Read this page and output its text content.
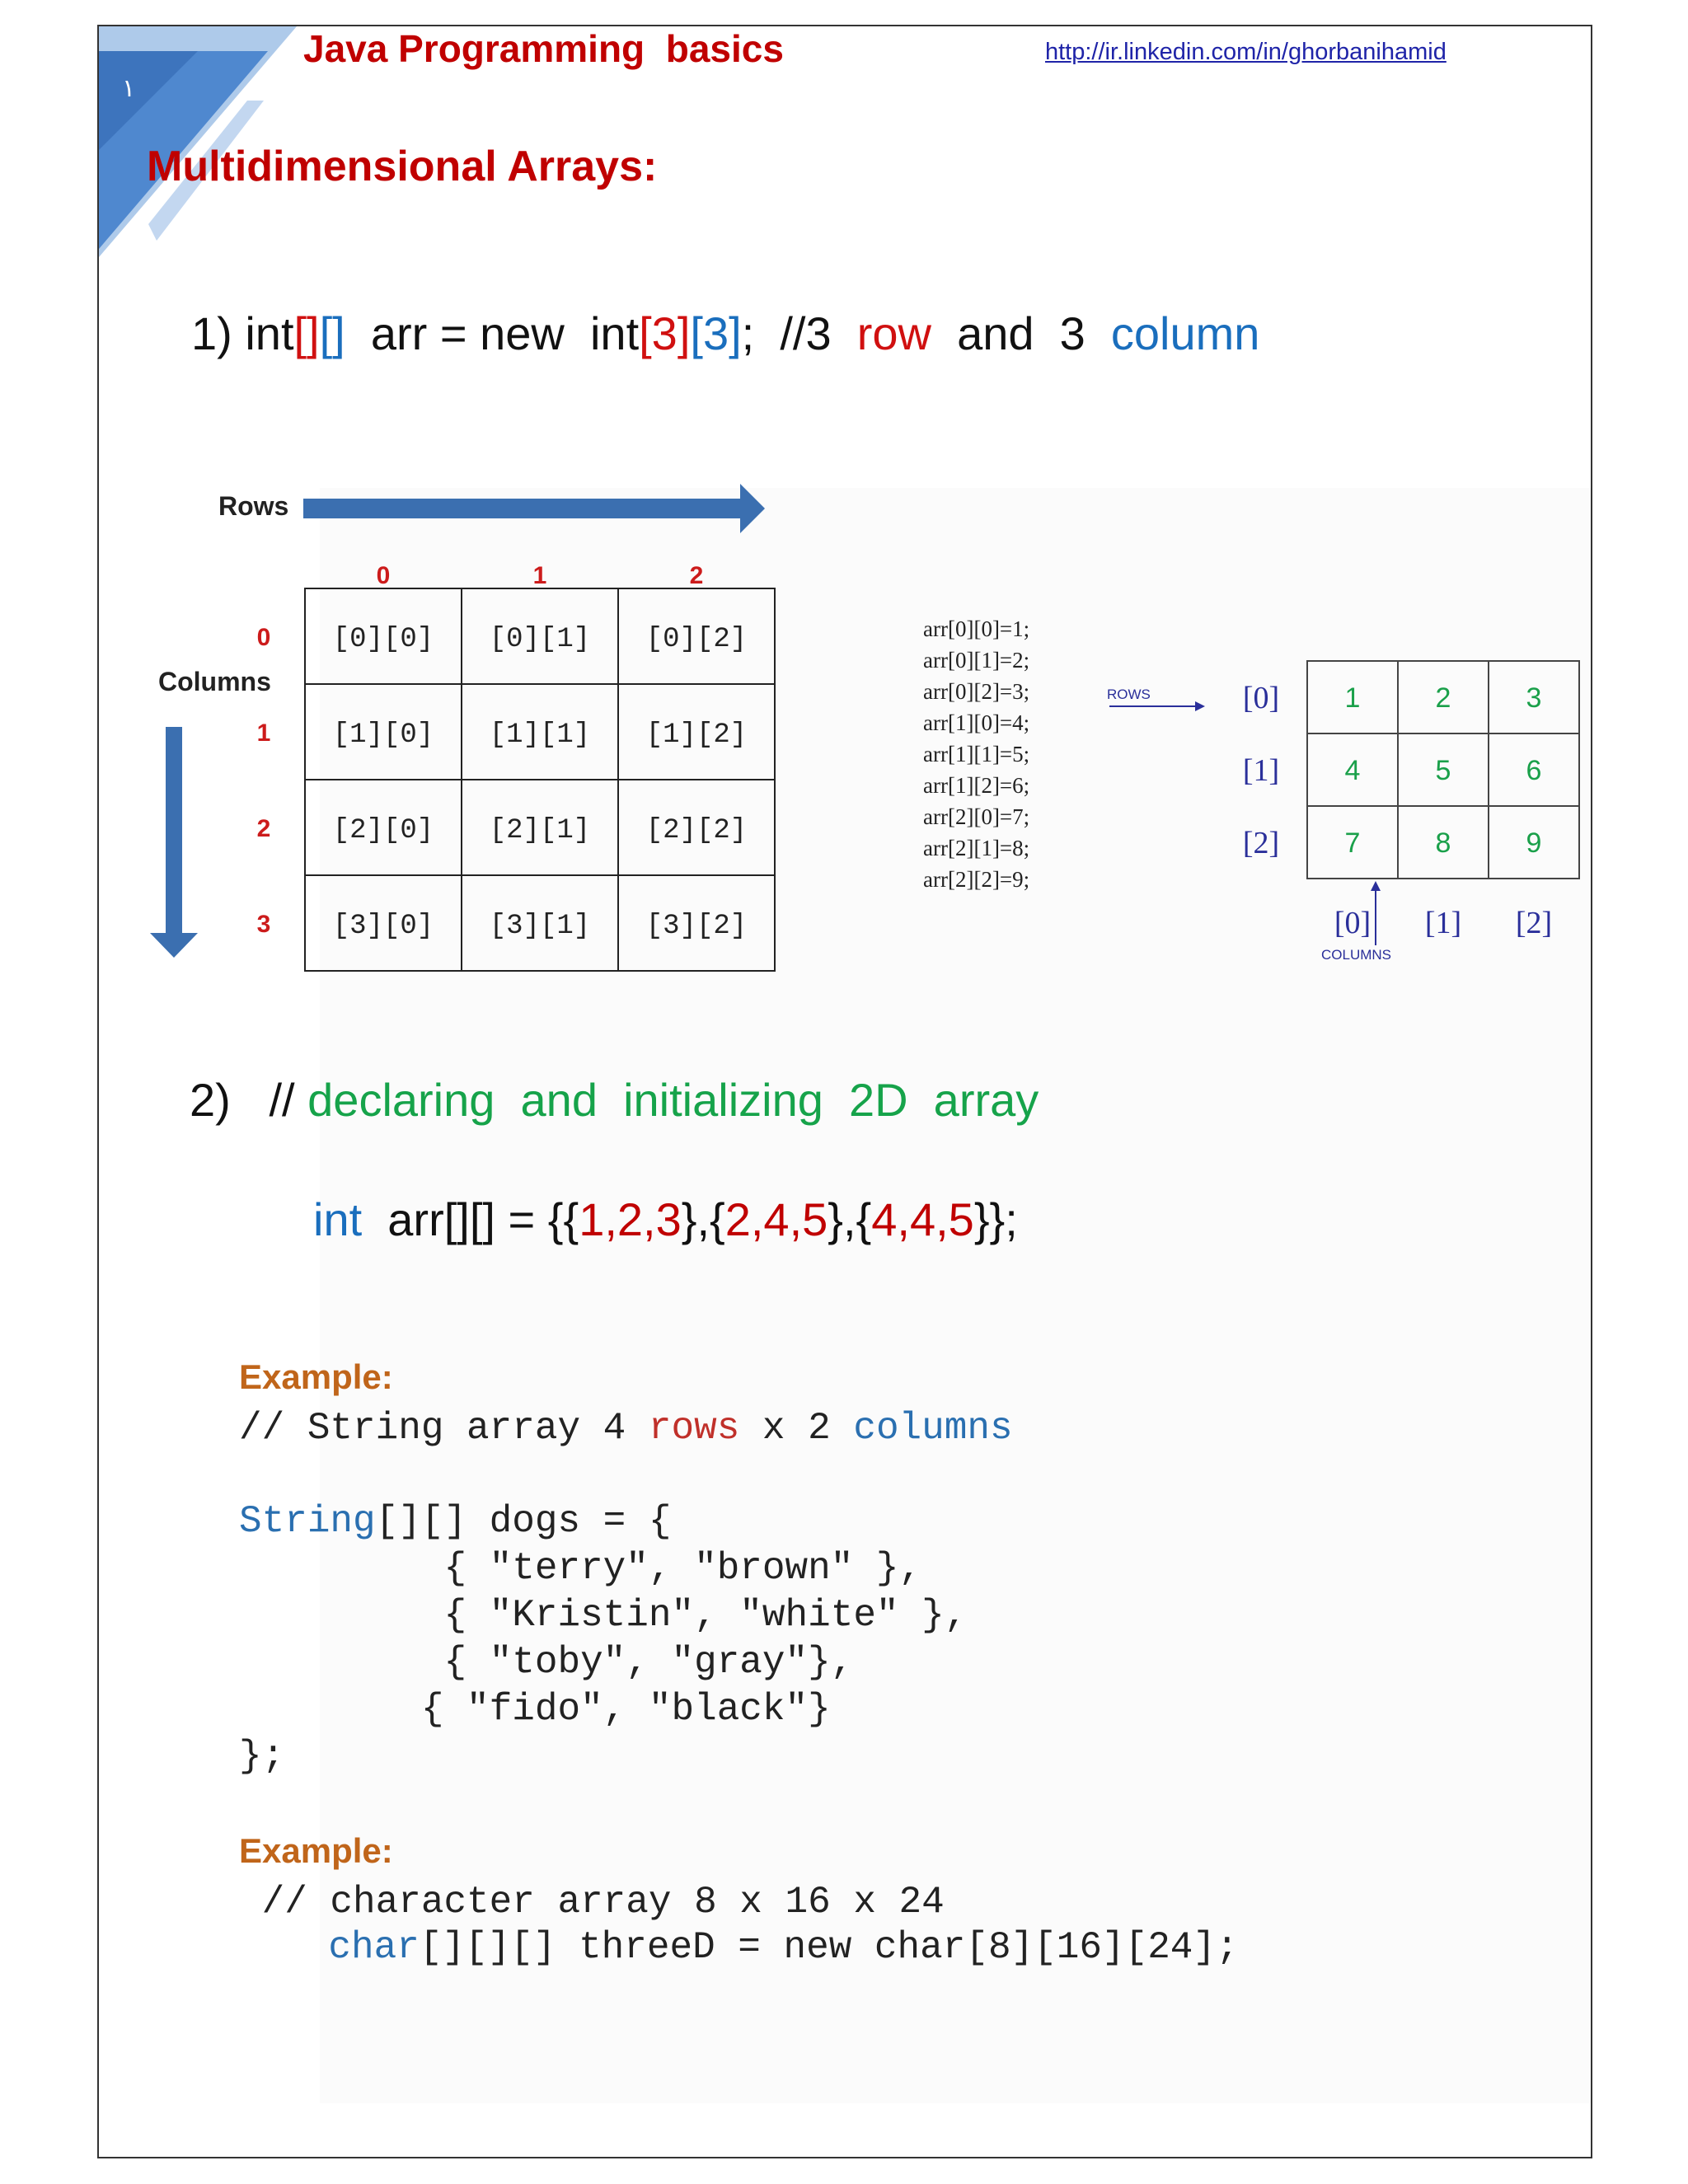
١
Java Programming  basics	http://ir.linkedin.com/in/ghorbanihamid
Multidimensional Arrays:
1) int[][]  arr = new  int[3][3];  //3  row  and  3  column
Rows
Columns
0	1	2
0
1
2
3
[0][0] [0][1] [0][2]
[1][0] [1][1] [1][2]
[2][0] [2][1] [2][2]
[3][0] [3][1] [3][2]
arr[0][0]=1;
arr[0][1]=2;
arr[0][2]=3;
arr[1][0]=4;
arr[1][1]=5;
arr[1][2]=6;
arr[2][0]=7;
arr[2][1]=8;
arr[2][2]=9;
[0]
[1]
[2]
ROWS	1	2	3
4	5	6
7	8	9
[0] [1] [2]
COLUMNS
2)   // declaring  and  initializing  2D  array
int  arr[][] = {{1,2,3},{2,4,5},{4,4,5}};
Example:
// String array 4 rows x 2 columns
String[][] dogs = {
{ "terry", "brown" },
{ "Kristin", "white" },
{ "toby", "gray"},
{ "fido", "black"}
};
Example:
// character array 8 x 16 x 24
char[][][] threeD = new char[8][16][24];
